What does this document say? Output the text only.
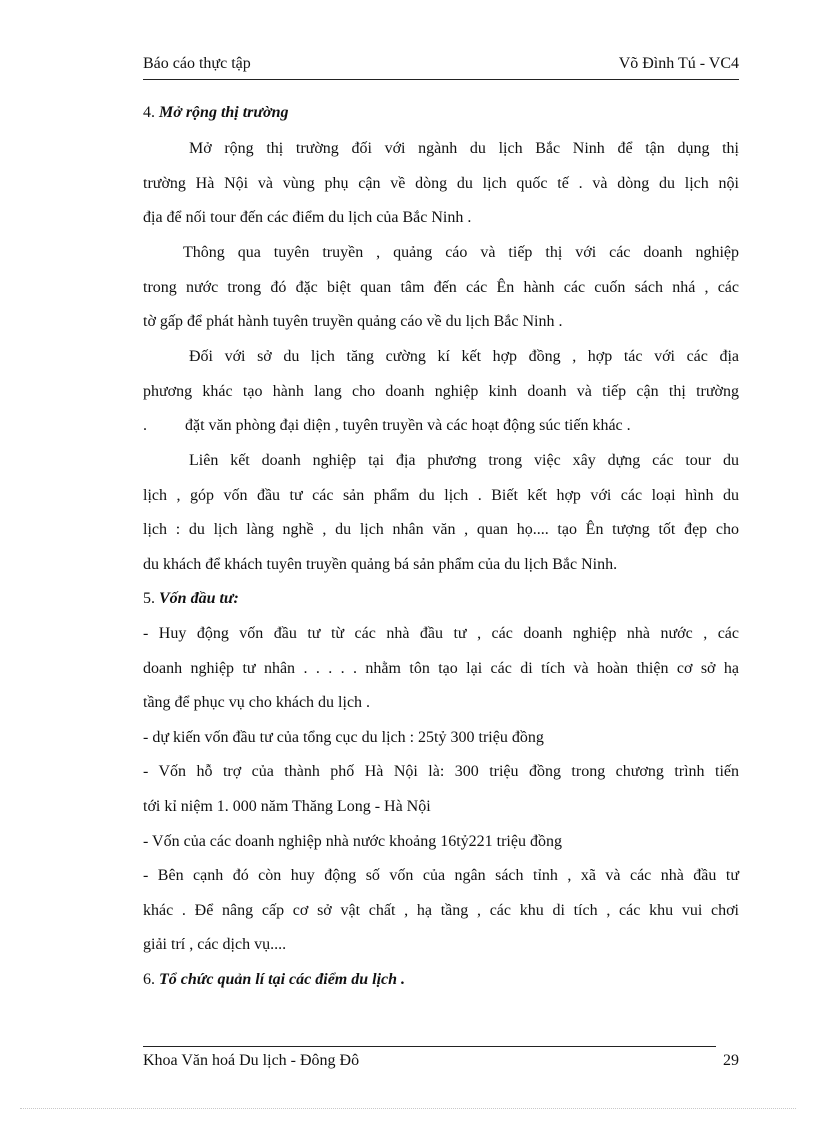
Báo cáo thực tập	Võ Đình Tú - VC4
4. Mở rộng thị trường
Mở rộng thị trường đối với ngành du lịch Bắc Ninh để tận dụng thị
trường Hà Nội và vùng phụ cận về dòng du lịch quốc tế . và dòng du lịch nội
địa để nối tour đến các điểm du lịch của Bắc Ninh .
Thông qua tuyên truyền , quảng cáo và tiếp thị với các doanh nghiệp
trong nước trong đó đặc biệt quan tâm đến các Ên hành các cuốn sách nhá , các
tờ gấp để phát hành tuyên truyền quảng cáo về du lịch Bắc Ninh .
Đối với sở du lịch tăng cường kí kết hợp đồng , hợp tác với các địa
phương khác tạo hành lang cho doanh nghiệp kinh doanh và tiếp cận thị trường
. đặt văn phòng đại diện , tuyên truyền và các hoạt động súc tiến khác .
Liên kết doanh nghiệp tại địa phương trong việc xây dựng các tour du
lịch , góp vốn đầu tư các sản phẩm du lịch . Biết kết hợp với các loại hình du
lịch : du lịch làng nghề , du lịch nhân văn , quan họ.... tạo Ên tượng tốt đẹp cho
du khách để khách tuyên truyền quảng bá sản phẩm của du lịch Bắc Ninh.
5. Vốn đầu tư:
- Huy động vốn đầu tư từ các nhà đầu tư , các doanh nghiệp nhà nước , các
doanh nghiệp tư nhân . . . . . nhằm tôn tạo lại các di tích và hoàn thiện cơ sở hạ
tầng để phục vụ cho khách du lịch .
- dự kiến vốn đầu tư của tổng cục du lịch : 25tỷ 300 triệu đồng
- Vốn hỗ trợ của thành phố Hà Nội là: 300 triệu đồng trong chương trình tiến
tới kỉ niệm 1. 000 năm Thăng Long - Hà Nội
- Vốn của các doanh nghiệp nhà nước khoảng 16tỷ221 triệu đồng
- Bên cạnh đó còn huy động số vốn của ngân sách tỉnh , xã và các nhà đầu tư
khác . Để nâng cấp cơ sở vật chất , hạ tầng , các khu di tích , các khu vui chơi
giải trí , các dịch vụ....
6. Tổ chức quản lí tại các điểm du lịch .
Khoa Văn hoá Du lịch - Đông Đô	29
